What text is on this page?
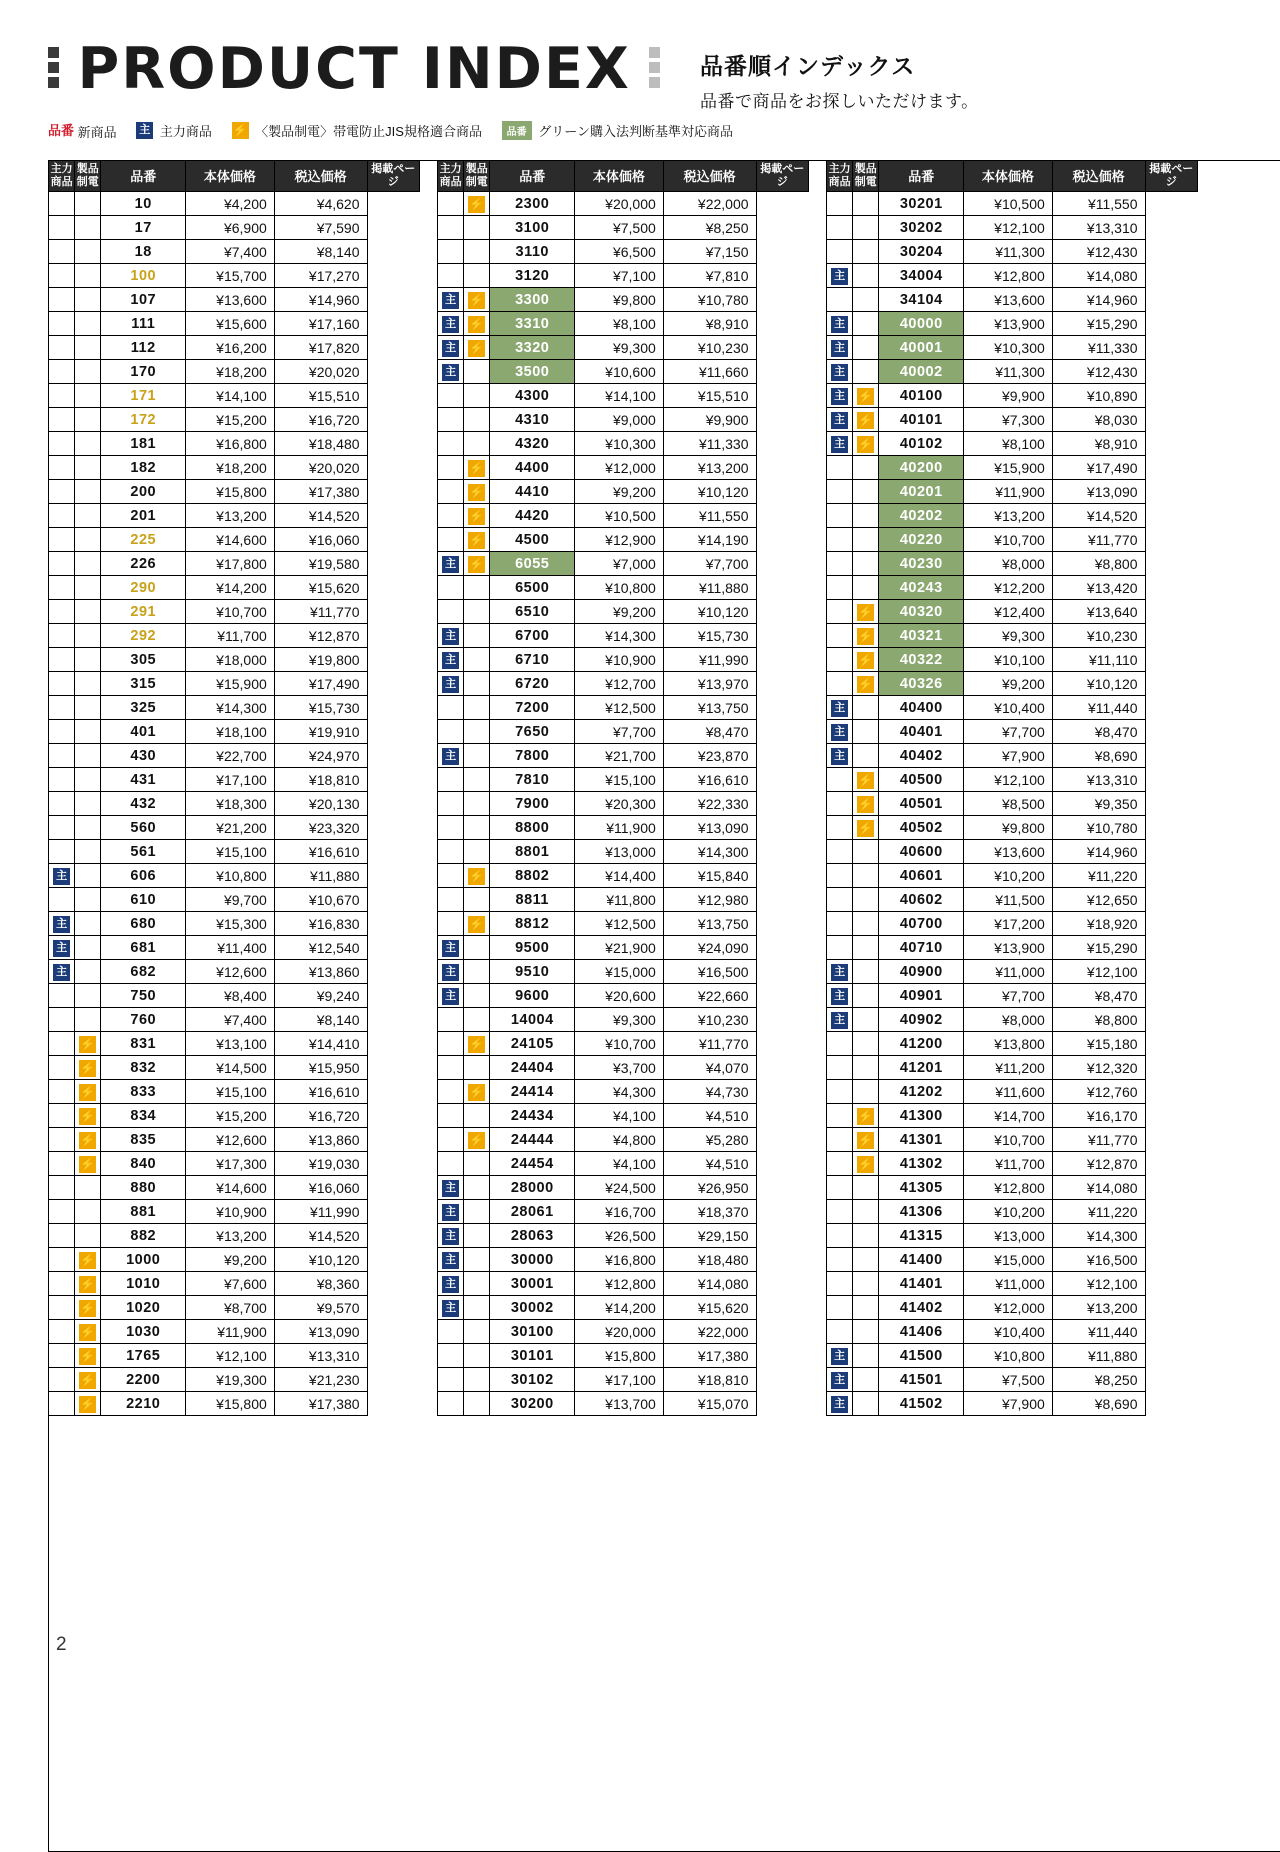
PRODUCT INDEX	品番順インデックス
品番で商品をお探しいただけます。
品番 新商品 主 主力商品 ⚡ 〈製品制電〉帯電防止JIS規格適合商品 品番 グリーン購入法判断基準対応商品
主力
商品	製品
制電	品番	本体価格	税込価格	掲載ページ
		10	¥4,200	¥4,620	

		17	¥6,900	¥7,590	

		18	¥7,400	¥8,140	

		100	¥15,700	¥17,270	

		107	¥13,600	¥14,960	

		111	¥15,600	¥17,160	

		112	¥16,200	¥17,820	

		170	¥18,200	¥20,020	

		171	¥14,100	¥15,510	

		172	¥15,200	¥16,720	

		181	¥16,800	¥18,480	

		182	¥18,200	¥20,020	

		200	¥15,800	¥17,380	

		201	¥13,200	¥14,520	

		225	¥14,600	¥16,060	

		226	¥17,800	¥19,580	

		290	¥14,200	¥15,620	

		291	¥10,700	¥11,770	

		292	¥11,700	¥12,870	

		305	¥18,000	¥19,800	

		315	¥15,900	¥17,490	

		325	¥14,300	¥15,730	

		401	¥18,100	¥19,910	

		430	¥22,700	¥24,970	

		431	¥17,100	¥18,810	

		432	¥18,300	¥20,130	

		560	¥21,200	¥23,320	

		561	¥15,100	¥16,610	

主		606	¥10,800	¥11,880	

		610	¥9,700	¥10,670	

主		680	¥15,300	¥16,830	

主		681	¥11,400	¥12,540	

主		682	¥12,600	¥13,860	

		750	¥8,400	¥9,240	

		760	¥7,400	¥8,140	

	⚡	831	¥13,100	¥14,410	

	⚡	832	¥14,500	¥15,950	

	⚡	833	¥15,100	¥16,610	

	⚡	834	¥15,200	¥16,720	

	⚡	835	¥12,600	¥13,860	

	⚡	840	¥17,300	¥19,030	

		880	¥14,600	¥16,060	

		881	¥10,900	¥11,990	

		882	¥13,200	¥14,520	

	⚡	1000	¥9,200	¥10,120	

	⚡	1010	¥7,600	¥8,360	

	⚡	1020	¥8,700	¥9,570	

	⚡	1030	¥11,900	¥13,090	

	⚡	1765	¥12,100	¥13,310	

	⚡	2200	¥19,300	¥21,230	

	⚡	2210	¥15,800	¥17,380	
主力
商品	製品
制電	品番	本体価格	税込価格	掲載ページ
	⚡	2300	¥20,000	¥22,000	

		3100	¥7,500	¥8,250	

		3110	¥6,500	¥7,150	

		3120	¥7,100	¥7,810	

主	⚡	3300	¥9,800	¥10,780	

主	⚡	3310	¥8,100	¥8,910	

主	⚡	3320	¥9,300	¥10,230	

主		3500	¥10,600	¥11,660	

		4300	¥14,100	¥15,510	

		4310	¥9,000	¥9,900	

		4320	¥10,300	¥11,330	

	⚡	4400	¥12,000	¥13,200	

	⚡	4410	¥9,200	¥10,120	

	⚡	4420	¥10,500	¥11,550	

	⚡	4500	¥12,900	¥14,190	

主	⚡	6055	¥7,000	¥7,700	

		6500	¥10,800	¥11,880	

		6510	¥9,200	¥10,120	

主		6700	¥14,300	¥15,730	

主		6710	¥10,900	¥11,990	

主		6720	¥12,700	¥13,970	

		7200	¥12,500	¥13,750	

		7650	¥7,700	¥8,470	

主		7800	¥21,700	¥23,870	

		7810	¥15,100	¥16,610	

		7900	¥20,300	¥22,330	

		8800	¥11,900	¥13,090	

		8801	¥13,000	¥14,300	

	⚡	8802	¥14,400	¥15,840	

		8811	¥11,800	¥12,980	

	⚡	8812	¥12,500	¥13,750	

主		9500	¥21,900	¥24,090	

主		9510	¥15,000	¥16,500	

主		9600	¥20,600	¥22,660	

		14004	¥9,300	¥10,230	

	⚡	24105	¥10,700	¥11,770	

		24404	¥3,700	¥4,070	

	⚡	24414	¥4,300	¥4,730	

		24434	¥4,100	¥4,510	

	⚡	24444	¥4,800	¥5,280	

		24454	¥4,100	¥4,510	

主		28000	¥24,500	¥26,950	

主		28061	¥16,700	¥18,370	

主		28063	¥26,500	¥29,150	

主		30000	¥16,800	¥18,480	

主		30001	¥12,800	¥14,080	

主		30002	¥14,200	¥15,620	

		30100	¥20,000	¥22,000	

		30101	¥15,800	¥17,380	

		30102	¥17,100	¥18,810	

		30200	¥13,700	¥15,070	
主力
商品	製品
制電	品番	本体価格	税込価格	掲載ページ
		30201	¥10,500	¥11,550	

		30202	¥12,100	¥13,310	

		30204	¥11,300	¥12,430	

主		34004	¥12,800	¥14,080	

		34104	¥13,600	¥14,960	

主		40000	¥13,900	¥15,290	

主		40001	¥10,300	¥11,330	

主		40002	¥11,300	¥12,430	

主	⚡	40100	¥9,900	¥10,890	

主	⚡	40101	¥7,300	¥8,030	

主	⚡	40102	¥8,100	¥8,910	

		40200	¥15,900	¥17,490	

		40201	¥11,900	¥13,090	

		40202	¥13,200	¥14,520	

		40220	¥10,700	¥11,770	

		40230	¥8,000	¥8,800	

		40243	¥12,200	¥13,420	

	⚡	40320	¥12,400	¥13,640	

	⚡	40321	¥9,300	¥10,230	

	⚡	40322	¥10,100	¥11,110	

	⚡	40326	¥9,200	¥10,120	

主		40400	¥10,400	¥11,440	

主		40401	¥7,700	¥8,470	

主		40402	¥7,900	¥8,690	

	⚡	40500	¥12,100	¥13,310	

	⚡	40501	¥8,500	¥9,350	

	⚡	40502	¥9,800	¥10,780	

		40600	¥13,600	¥14,960	

		40601	¥10,200	¥11,220	

		40602	¥11,500	¥12,650	

		40700	¥17,200	¥18,920	

		40710	¥13,900	¥15,290	

主		40900	¥11,000	¥12,100	

主		40901	¥7,700	¥8,470	

主		40902	¥8,000	¥8,800	

		41200	¥13,800	¥15,180	

		41201	¥11,200	¥12,320	

		41202	¥11,600	¥12,760	

	⚡	41300	¥14,700	¥16,170	

	⚡	41301	¥10,700	¥11,770	

	⚡	41302	¥11,700	¥12,870	

		41305	¥12,800	¥14,080	

		41306	¥10,200	¥11,220	

		41315	¥13,000	¥14,300	

		41400	¥15,000	¥16,500	

		41401	¥11,000	¥12,100	

		41402	¥12,000	¥13,200	

		41406	¥10,400	¥11,440	

主		41500	¥10,800	¥11,880	

主		41501	¥7,500	¥8,250	

主		41502	¥7,900	¥8,690	
2
